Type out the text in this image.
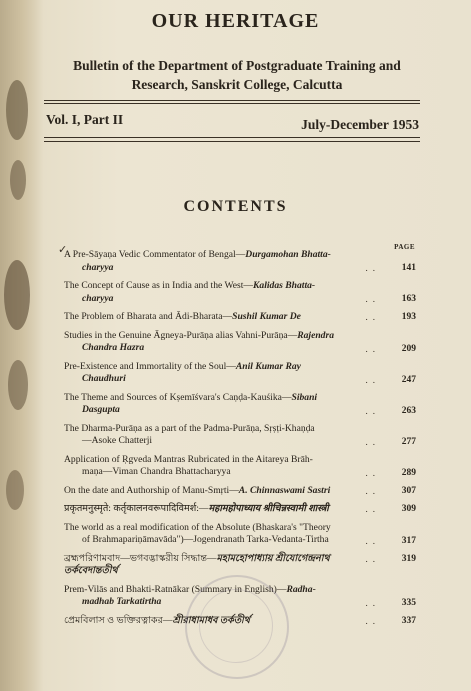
OUR HERITAGE
Bulletin of the Department of Postgraduate Training and
Research, Sanskrit College, Calcutta
Vol. I, Part II	July-December 1953
CONTENTS
PAGE
✓
A Pre-Sāyaṇa Vedic Commentator of Bengal—Durgamohan Bhatta-
charyya	..	141
The Concept of Cause as in India and the West—Kalidas Bhatta-
charyya	..	163
The Problem of Bharata and Ādi-Bharata—Sushil Kumar De	..	193
Studies in the Genuine Āgneya-Purāṇa alias Vahni-Purāṇa—Rajendra
Chandra Hazra	..	209
Pre-Existence and Immortality of the Soul—Anil Kumar Ray
Chaudhuri	..	247
The Theme and Sources of Kṣemīśvara's Caṇḍa-Kauśika—Sibani
Dasgupta	..	263
The Dharma-Purāṇa as a part of the Padma-Purāṇa, Sṛṣṭi-Khaṇḍa
—Asoke Chatterji	..	277
Application of Ṛgveda Mantras Rubricated in the Aitareya Brāh-
maṇa—Viman Chandra Bhattacharyya	..	289
On the date and Authorship of Manu-Smṛti—A. Chinnaswami Sastri	..	307
प्रकृतमनुस्मृते: कर्तृकालनवरूपादिविमर्श:—महामहोपाध्याय श्रीचिन्नस्वामी शास्त्री	..	309
The world as a real modification of the Absolute (Bhaskara's "Theory
of Brahmapariṇāmavāda")—Jogendranath Tarka-Vedanta-Tirtha	..	317
ব্রহ্মপরিণামবাদ—ভগবদ্ভাস্করীয় সিদ্ধান্ত—মহামহোপাধ্যায় শ্রীযোগেন্দ্রনাথ তর্কবেদান্ততীর্থ
..	319
Prem-Vilās and Bhakti-Ratnākar (Summary in English)—Radha-
madhab Tarkatirtha	..	335
প্রেমবিলাস ও ভক্তিরত্নাকর—শ্রীরাধামাধব তর্কতীর্থ	..	337
